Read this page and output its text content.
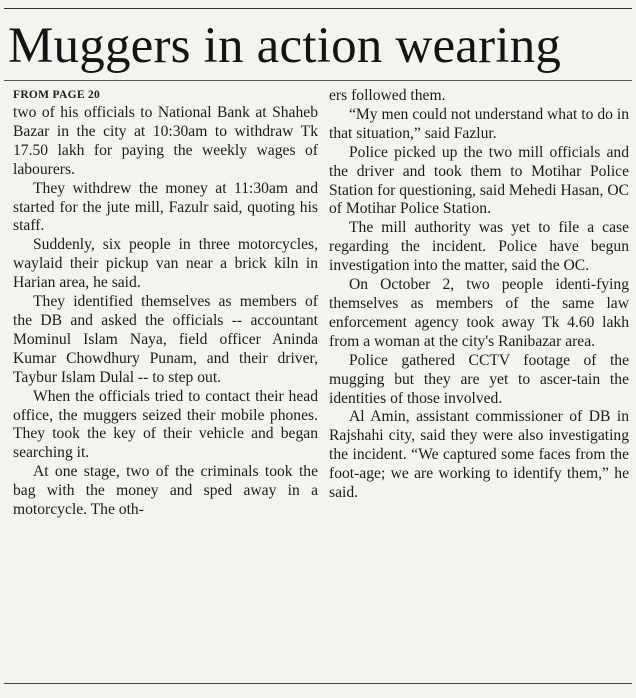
Muggers in action wearing
FROM PAGE 20

two of his officials to National Bank at Shaheb Bazar in the city at 10:30am to withdraw Tk 17.50 lakh for paying the weekly wages of labourers.

They withdrew the money at 11:30am and started for the jute mill, Fazulr said, quoting his staff.

Suddenly, six people in three motorcycles, waylaid their pickup van near a brick kiln in Harian area, he said.

They identified themselves as members of the DB and asked the officials -- accountant Mominul Islam Naya, field officer Aninda Kumar Chowdhury Punam, and their driver, Taybur Islam Dulal -- to step out.

When the officials tried to contact their head office, the muggers seized their mobile phones. They took the key of their vehicle and began searching it.

At one stage, two of the criminals took the bag with the money and sped away in a motorcycle. The oth-

ers followed them.

“My men could not understand what to do in that situation,” said Fazlur.

Police picked up the two mill officials and the driver and took them to Motihar Police Station for questioning, said Mehedi Hasan, OC of Motihar Police Station.

The mill authority was yet to file a case regarding the incident. Police have begun investigation into the matter, said the OC.

On October 2, two people identi-fying themselves as members of the same law enforcement agency took away Tk 4.60 lakh from a woman at the city's Ranibazar area.

Police gathered CCTV footage of the mugging but they are yet to ascer-tain the identities of those involved.

Al Amin, assistant commissioner of DB in Rajshahi city, said they were also investigating the incident. “We captured some faces from the foot-age; we are working to identify them,” he said.
